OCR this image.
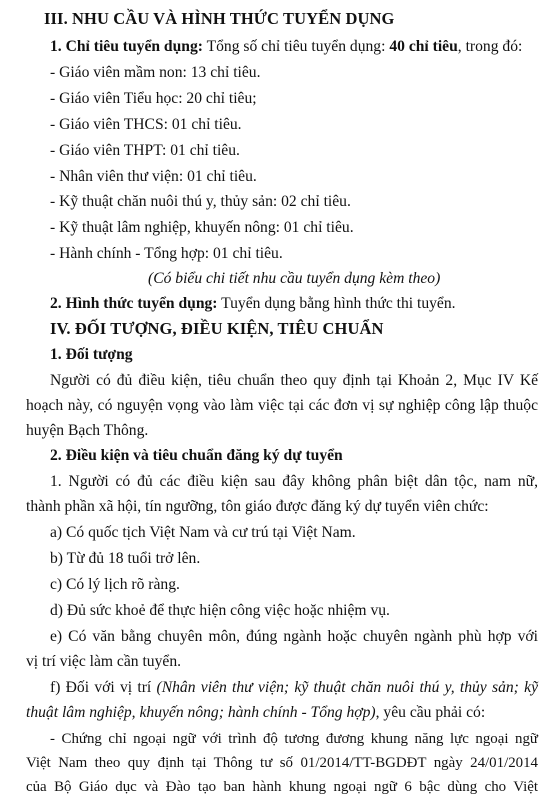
III. NHU CẦU VÀ HÌNH THỨC TUYỂN DỤNG
1. Chỉ tiêu tuyển dụng: Tổng số chỉ tiêu tuyển dụng: 40 chỉ tiêu, trong đó:
- Giáo viên mầm non: 13 chỉ tiêu.
- Giáo viên Tiểu học: 20 chỉ tiêu;
- Giáo viên THCS: 01 chỉ tiêu.
- Giáo viên THPT: 01 chỉ tiêu.
- Nhân viên thư viện: 01 chỉ tiêu.
- Kỹ thuật chăn nuôi thú y, thủy sản: 02 chỉ tiêu.
- Kỹ thuật lâm nghiệp, khuyến nông: 01 chỉ tiêu.
- Hành chính - Tổng hợp: 01 chỉ tiêu.
(Có biểu chi tiết nhu cầu tuyển dụng kèm theo)
2. Hình thức tuyển dụng: Tuyển dụng bằng hình thức thi tuyển.
IV. ĐỐI TƯỢNG, ĐIỀU KIỆN, TIÊU CHUẨN
1. Đối tượng
Người có đủ điều kiện, tiêu chuẩn theo quy định tại Khoản 2, Mục IV Kế
hoạch này, có nguyện vọng vào làm việc tại các đơn vị sự nghiệp công lập thuộc
huyện Bạch Thông.
2. Điều kiện và tiêu chuẩn đăng ký dự tuyển
1. Người có đủ các điều kiện sau đây không phân biệt dân tộc, nam nữ,
thành phần xã hội, tín ngưỡng, tôn giáo được đăng ký dự tuyển viên chức:
a) Có quốc tịch Việt Nam và cư trú tại Việt Nam.
b) Từ đủ 18 tuổi trở lên.
c) Có lý lịch rõ ràng.
d) Đủ sức khoẻ để thực hiện công việc hoặc nhiệm vụ.
e) Có văn bằng chuyên môn, đúng ngành hoặc chuyên ngành phù hợp với
vị trí việc làm cần tuyển.
f) Đối với vị trí (Nhân viên thư viện; kỹ thuật chăn nuôi thú y, thủy sản; kỹ
thuật lâm nghiệp, khuyến nông; hành chính - Tổng hợp), yêu cầu phải có:
- Chứng chỉ ngoại ngữ với trình độ tương đương khung năng lực ngoại ngữ
Việt Nam theo quy định tại Thông tư số 01/2014/TT-BGDĐT ngày 24/01/2014
của Bộ Giáo dục và Đào tạo ban hành khung ngoại ngữ 6 bậc dùng cho Việt
